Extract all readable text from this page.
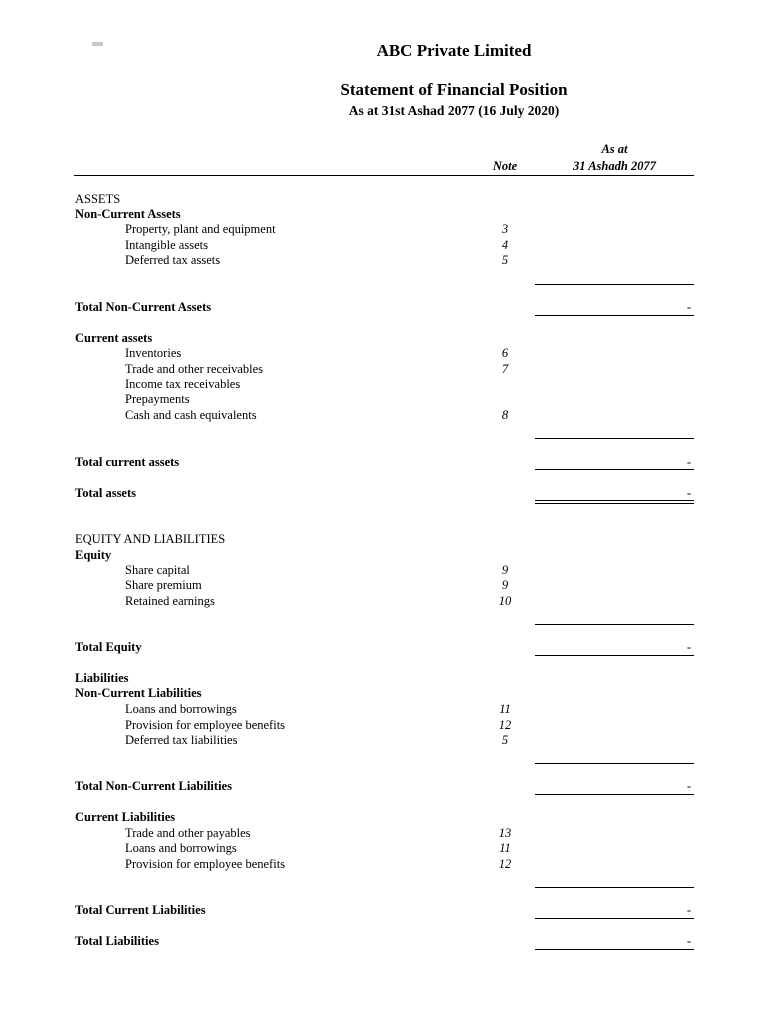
ABC Private Limited
Statement of Financial Position
As at 31st Ashad 2077 (16 July 2020)
As at
31 Ashadh 2077
Note
ASSETS
Non-Current Assets
Property, plant and equipment	3
Intangible assets	4
Deferred tax assets	5
Total Non-Current Assets	-
Current assets
Inventories	6
Trade and other receivables	7
Income tax receivables
Prepayments
Cash and cash equivalents	8
Total current assets	-
Total assets	-
EQUITY AND LIABILITIES
Equity
Share capital	9
Share premium	9
Retained earnings	10
Total Equity	-
Liabilities
Non-Current Liabilities
Loans and borrowings	11
Provision for employee benefits	12
Deferred tax liabilities	5
Total Non-Current Liabilities	-
Current Liabilities
Trade and other payables	13
Loans and borrowings	11
Provision for employee benefits	12
Total Current Liabilities	-
Total Liabilities	-
